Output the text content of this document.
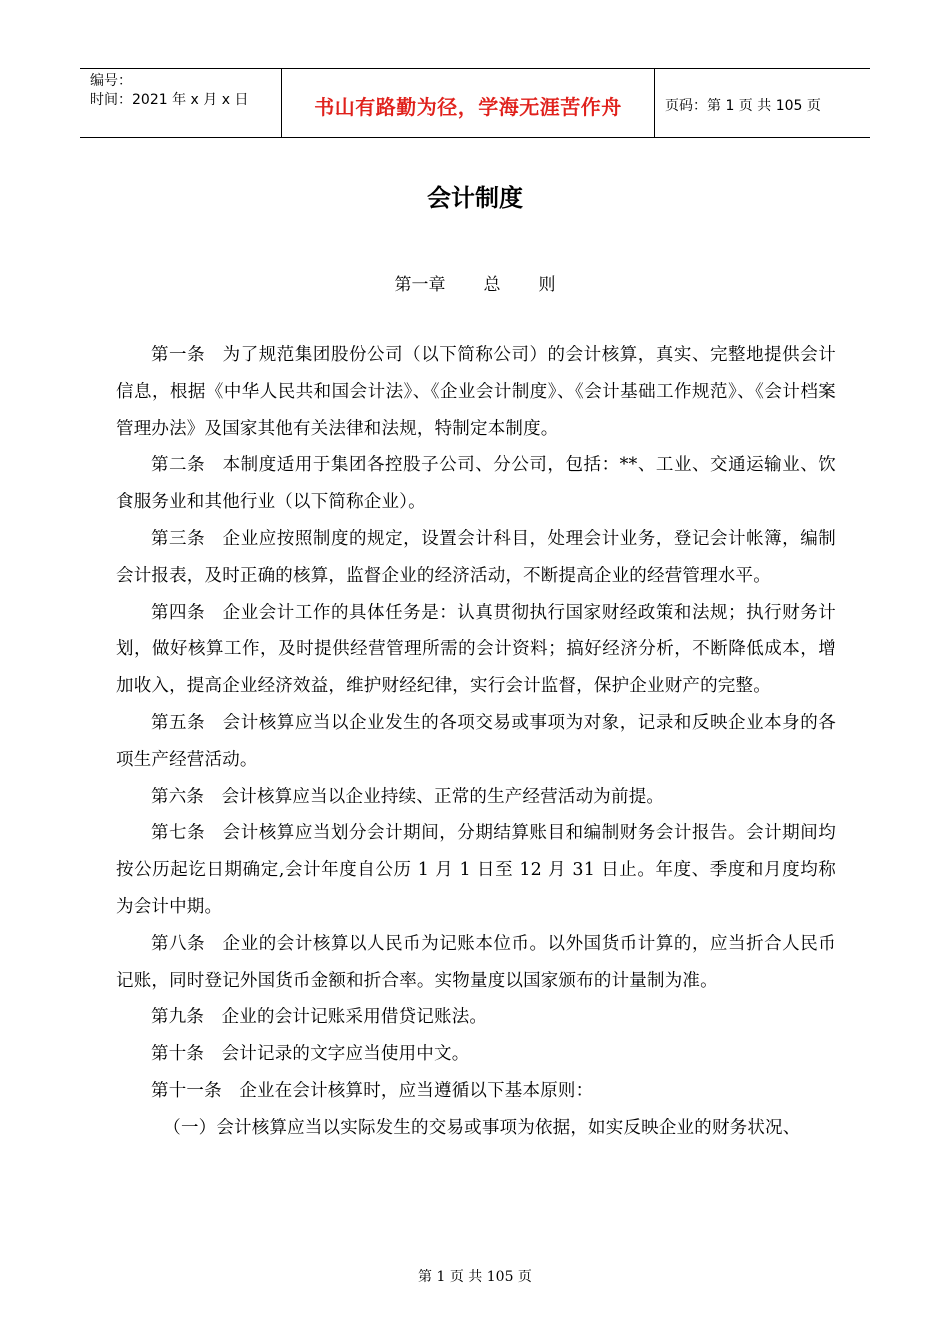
编号：
时间：2021 年 x 月 x 日	书山有路勤为径，学海无涯苦作舟	页码：第 1 页 共 105 页
会计制度
第一章 总 则

第一条 为了规范集团股份公司（以下简称公司）的会计核算，真实、完整地提供会计信息，根据《中华人民共和国会计法》、《企业会计制度》、《会计基础工作规范》、《会计档案管理办法》及国家其他有关法律和法规，特制定本制度。

第二条 本制度适用于集团各控股子公司、分公司，包括：**、工业、交通运输业、饮食服务业和其他行业（以下简称企业）。

第三条 企业应按照制度的规定，设置会计科目，处理会计业务，登记会计帐簿，编制会计报表，及时正确的核算，监督企业的经济活动，不断提高企业的经营管理水平。

第四条 企业会计工作的具体任务是：认真贯彻执行国家财经政策和法规；执行财务计划，做好核算工作，及时提供经营管理所需的会计资料；搞好经济分析，不断降低成本，增加收入，提高企业经济效益，维护财经纪律，实行会计监督，保护企业财产的完整。

第五条 会计核算应当以企业发生的各项交易或事项为对象，记录和反映企业本身的各项生产经营活动。

第六条 会计核算应当以企业持续、正常的生产经营活动为前提。

第七条 会计核算应当划分会计期间，分期结算账目和编制财务会计报告。会计期间均按公历起讫日期确定,会计年度自公历 1 月 1 日至 12 月 31 日止。年度、季度和月度均称为会计中期。

第八条 企业的会计核算以人民币为记账本位币。以外国货币计算的，应当折合人民币记账，同时登记外国货币金额和折合率。实物量度以国家颁布的计量制为准。

第九条 企业的会计记账采用借贷记账法。

第十条 会计记录的文字应当使用中文。

第十一条 企业在会计核算时，应当遵循以下基本原则：

（一）会计核算应当以实际发生的交易或事项为依据，如实反映企业的财务状况、

第 1 页 共 105 页
